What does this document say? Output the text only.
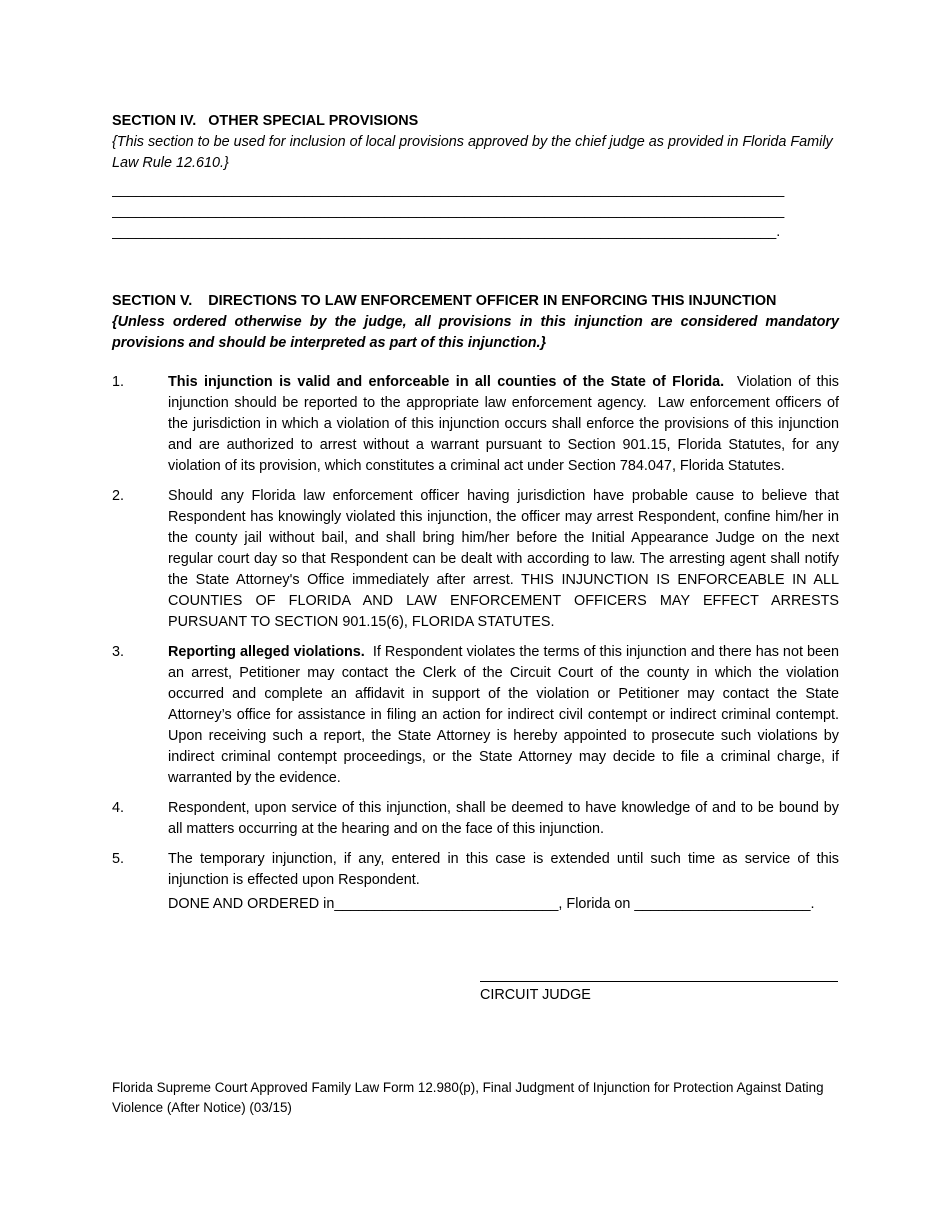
SECTION IV.   OTHER SPECIAL PROVISIONS

{This section to be used for inclusion of local provisions approved by the chief judge as provided in Florida Family Law Rule 12.610.}

____________________________________________________________________________________

____________________________________________________________________________________

___________________________________________________________________________________.

SECTION V.    DIRECTIONS TO LAW ENFORCEMENT OFFICER IN ENFORCING THIS INJUNCTION

{Unless ordered otherwise by the judge, all provisions in this injunction are considered mandatory provisions and should be interpreted as part of this injunction.}

1.	This injunction is valid and enforceable in all counties of the State of Florida.  Violation of this injunction should be reported to the appropriate law enforcement agency.  Law enforcement officers of the jurisdiction in which a violation of this injunction occurs shall enforce the provisions of this injunction and are authorized to arrest without a warrant pursuant to Section 901.15, Florida Statutes, for any violation of its provision, which constitutes a criminal act under Section 784.047, Florida Statutes.

2.	Should any Florida law enforcement officer having jurisdiction have probable cause to believe that Respondent has knowingly violated this injunction, the officer may arrest Respondent, confine him/her in the county jail without bail, and shall bring him/her before the Initial Appearance Judge on the next regular court day so that Respondent can be dealt with according to law. The arresting agent shall notify the State Attorney's Office immediately after arrest. THIS INJUNCTION IS ENFORCEABLE IN ALL COUNTIES OF FLORIDA AND LAW ENFORCEMENT OFFICERS MAY EFFECT ARRESTS PURSUANT TO SECTION 901.15(6), FLORIDA STATUTES.

3.	Reporting alleged violations.  If Respondent violates the terms of this injunction and there has not been an arrest, Petitioner may contact the Clerk of the Circuit Court of the county in which the violation occurred and complete an affidavit in support of the violation or Petitioner may contact the State Attorney’s office for assistance in filing an action for indirect civil contempt or indirect criminal contempt.  Upon receiving such a report, the State Attorney is hereby appointed to prosecute such violations by indirect criminal contempt proceedings, or the State Attorney may decide to file a criminal charge, if warranted by the evidence.

4.	Respondent, upon service of this injunction, shall be deemed to have knowledge of and to be bound by all matters occurring at the hearing and on the face of this injunction.

5.	The temporary injunction, if any, entered in this case is extended until such time as service of this injunction is effected upon Respondent.

DONE AND ORDERED in____________________________, Florida on ______________________.

CIRCUIT JUDGE
Florida Supreme Court Approved Family Law Form 12.980(p), Final Judgment of Injunction for Protection Against Dating Violence (After Notice) (03/15)
